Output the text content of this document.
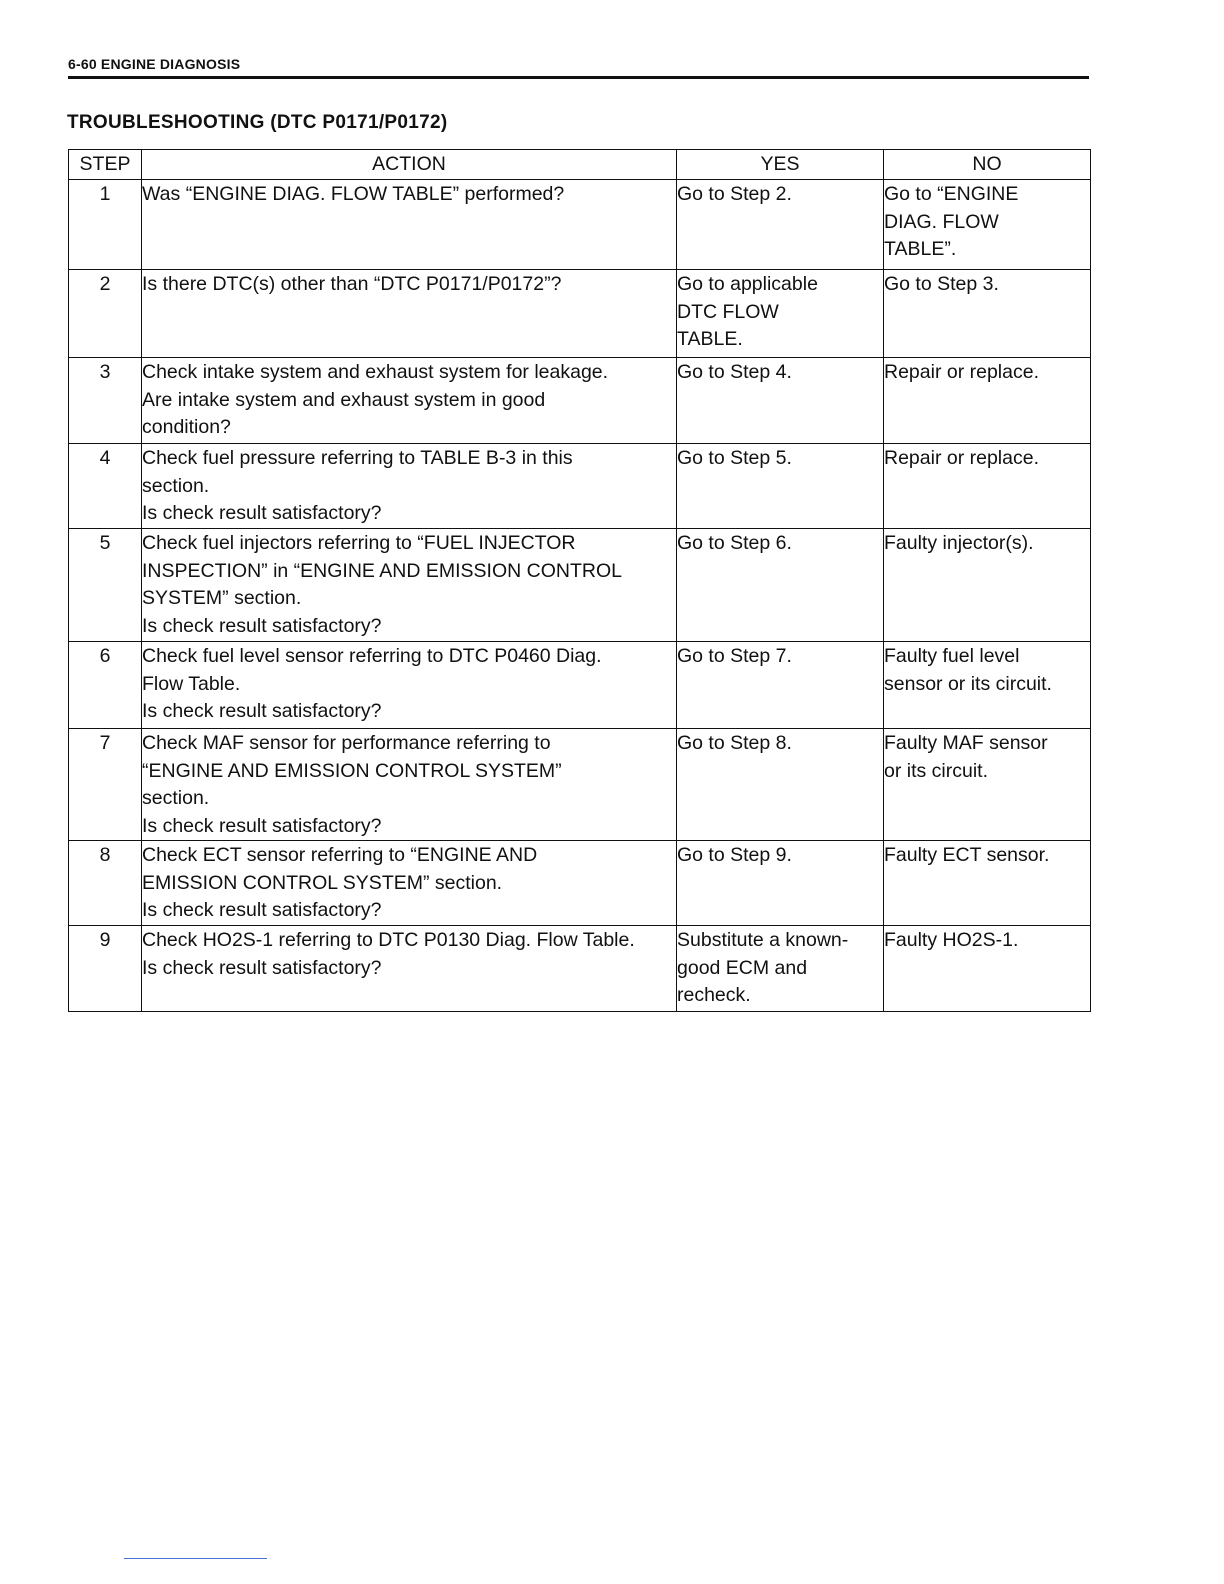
6-60 ENGINE DIAGNOSIS
TROUBLESHOOTING (DTC P0171/P0172)
STEP	ACTION	YES	NO
1	Was “ENGINE DIAG. FLOW TABLE” performed?	Go to Step 2.	Go to “ENGINE
DIAG. FLOW
TABLE”.

2	Is there DTC(s) other than “DTC P0171/P0172”?	Go to applicable
DTC FLOW
TABLE.	Go to Step 3.

3	Check intake system and exhaust system for leakage.
Are intake system and exhaust system in good
condition?	Go to Step 4.	Repair or replace.

4	Check fuel pressure referring to TABLE B-3 in this
section.
Is check result satisfactory?	Go to Step 5.	Repair or replace.

5	Check fuel injectors referring to “FUEL INJECTOR
INSPECTION” in “ENGINE AND EMISSION CONTROL
SYSTEM” section.
Is check result satisfactory?	Go to Step 6.	Faulty injector(s).

6	Check fuel level sensor referring to DTC P0460 Diag.
Flow Table.
Is check result satisfactory?	Go to Step 7.	Faulty fuel level
sensor or its circuit.

7	Check MAF sensor for performance referring to
“ENGINE AND EMISSION CONTROL SYSTEM”
section.
Is check result satisfactory?	Go to Step 8.	Faulty MAF sensor
or its circuit.

8	Check ECT sensor referring to “ENGINE AND
EMISSION CONTROL SYSTEM” section.
Is check result satisfactory?	Go to Step 9.	Faulty ECT sensor.

9	Check HO2S-1 referring to DTC P0130 Diag. Flow Table.
Is check result satisfactory?	Substitute a known-
good ECM and
recheck.	Faulty HO2S-1.
